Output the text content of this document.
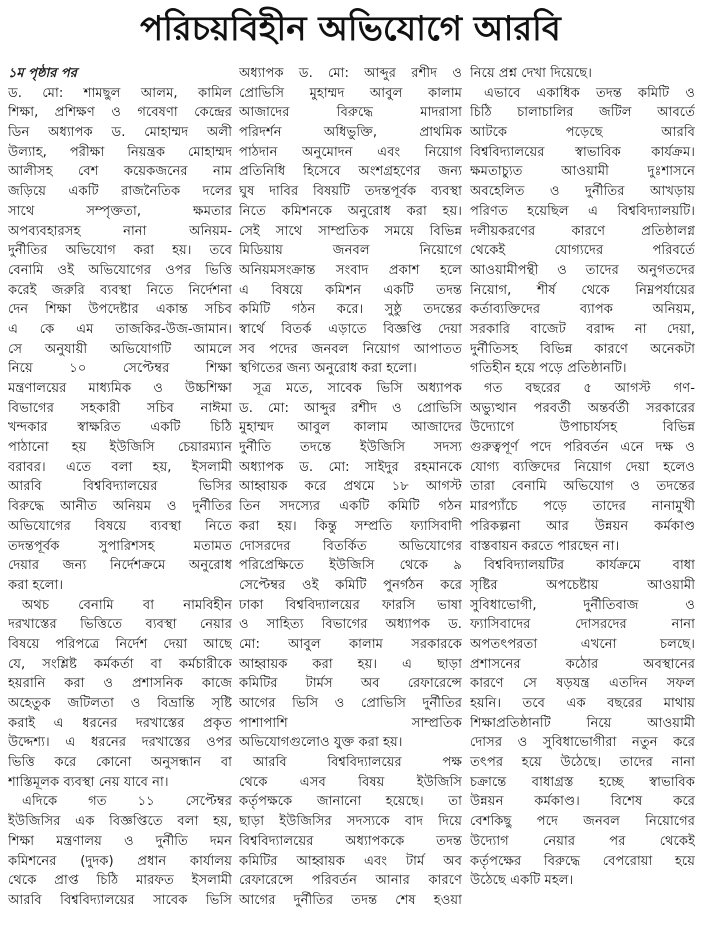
পরিচয়বিহীন অভিযোগে আরবি
১ম পৃষ্ঠার পর
ড. মো: শামছুল আলম, কামিল
শিক্ষা, প্রশিক্ষণ ও গবেষণা কেন্দ্রের
ডিন অধ্যাপক ড. মোহাম্মদ অলী
উল্যাহ, পরীক্ষা নিয়ন্ত্রক মোহাম্মদ
আলীসহ বেশ কয়েকজনের নাম
জড়িয়ে একটি রাজনৈতিক দলের
সাথে সম্পৃক্ততা, ক্ষমতার
অপব্যবহারসহ নানা অনিয়ম-
দুর্নীতির অভিযোগ করা হয়। তবে
বেনামি ওই অভিযোগের ওপর ভিত্তি
করেই জরুরি ব্যবস্থা নিতে নির্দেশনা
দেন শিক্ষা উপদেষ্টার একান্ত সচিব
এ কে এম তাজকির-উজ-জামান।
সে অনুযায়ী অভিযোগটি আমলে
নিয়ে ১০ সেপ্টেম্বর শিক্ষা
মন্ত্রণালয়ের মাধ্যমিক ও উচ্চশিক্ষা
বিভাগের সহকারী সচিব নাঈমা
খন্দকার স্বাক্ষরিত একটি চিঠি
পাঠানো হয় ইউজিসি চেয়ারম্যান
বরাবর। এতে বলা হয়, ইসলামী
আরবি বিশ্ববিদ্যালয়ের ভিসির
বিরুদ্ধে আনীত অনিয়ম ও দুর্নীতির
অভিযোগের বিষয়ে ব্যবস্থা নিতে
তদন্তপূর্বক সুপারিশসহ মতামত
দেয়ার জন্য নির্দেশক্রমে অনুরোধ
করা হলো।
অথচ বেনামি বা নামবিহীন
দরখাস্তের ভিত্তিতে ব্যবস্থা নেয়ার
বিষয়ে পরিপত্রে নির্দেশ দেয়া আছে
যে, সংশ্লিষ্ট কর্মকর্তা বা কর্মচারীকে
হয়রানি করা ও প্রশাসনিক কাজে
অহেতুক জটিলতা ও বিভ্রান্তি সৃষ্টি
করাই এ ধরনের দরখাস্তের প্রকৃত
উদ্দেশ্য। এ ধরনের দরখাস্তের ওপর
ভিত্তি করে কোনো অনুসন্ধান বা
শাস্তিমূলক ব্যবস্থা নেয় যাবে না।
এদিকে গত ১১ সেপ্টেম্বর
ইউজিসির এক বিজ্ঞপ্তিতে বলা হয়,
শিক্ষা মন্ত্রণালয় ও দুর্নীতি দমন
কমিশনের (দুদক) প্রধান কার্যালয়
থেকে প্রাপ্ত চিঠি মারফত ইসলামী
আরবি বিশ্ববিদ্যালয়ের সাবেক ভিসি
অধ্যাপক ড. মো: আব্দুর রশীদ ও
প্রোভিসি মুহাম্মদ আবুল কালাম
আজাদের বিরুদ্ধে মাদরাসা
পরিদর্শন অধিভুক্তি, প্রাথমিক
পাঠদান অনুমোদন এবং নিয়োগ
প্রতিনিধি হিসেবে অংশগ্রহণের জন্য
ঘুষ দাবির বিষয়টি তদন্তপূর্বক ব্যবস্থা
নিতে কমিশনকে অনুরোধ করা হয়।
সেই সাথে সাম্প্রতিক সময়ে বিভিন্ন
মিডিয়ায় জনবল নিয়োগে
অনিয়মসংক্রান্ত সংবাদ প্রকাশ হলে
এ বিষয়ে কমিশন একটি তদন্ত
কমিটি গঠন করে। সুষ্ঠু তদন্তের
স্বার্থে বিতর্ক এড়াতে বিজ্ঞপ্তি দেয়া
সব পদের জনবল নিয়োগ আপাতত
স্থগিতের জন্য অনুরোধ করা হলো।
সূত্র মতে, সাবেক ভিসি অধ্যাপক
ড. মো: আব্দুর রশীদ ও প্রোভিসি
মুহাম্মদ আবুল কালাম আজাদের
দুর্নীতি তদন্তে ইউজিসি সদস্য
অধ্যাপক ড. মো: সাইদুর রহমানকে
আহ্বায়ক করে প্রথমে ১৮ আগস্ট
তিন সদস্যের একটি কমিটি গঠন
করা হয়। কিন্তু সম্প্রতি ফ্যাসিবাদী
দোসরদের বিতর্কিত অভিযোগের
পরিপ্রেক্ষিতে ইউজিসি থেকে ৯
সেপ্টেম্বর ওই কমিটি পুনর্গঠন করে
ঢাকা বিশ্ববিদ্যালয়ের ফারসি ভাষা
ও সাহিত্য বিভাগের অধ্যাপক ড.
মো: আবুল কালাম সরকারকে
আহ্বায়ক করা হয়। এ ছাড়া
কমিটির টার্মস অব রেফারেন্সে
আগের ভিসি ও প্রোভিসি দুর্নীতির
পাশাপাশি সাম্প্রতিক
অভিযোগগুলোও যুক্ত করা হয়।
আরবি বিশ্ববিদ্যালয়ের পক্ষ
থেকে এসব বিষয় ইউজিসি
কর্তৃপক্ষকে জানানো হয়েছে। তা
ছাড়া ইউজিসির সদস্যকে বাদ দিয়ে
বিশ্ববিদ্যালয়ের অধ্যাপককে তদন্ত
কমিটির আহ্বায়ক এবং টার্ম অব
রেফারেন্সে পরিবর্তন আনার কারণে
আগের দুর্নীতির তদন্ত শেষ হওয়া
নিয়ে প্রশ্ন দেখা দিয়েছে।
এভাবে একাধিক তদন্ত কমিটি ও
চিঠি চালাচালির জটিল আবর্তে
আটকে পড়েছে আরবি
বিশ্ববিদ্যালয়ের স্বাভাবিক কার্যক্রম।
ক্ষমতাচ্যুত আওয়ামী দুঃশাসনে
অবহেলিত ও দুর্নীতির আখড়ায়
পরিণত হয়েছিল এ বিশ্ববিদ্যালয়টি।
দলীয়করণের কারণে প্রতিষ্ঠালগ্ন
থেকেই যোগ্যদের পরিবর্তে
আওয়ামীপন্থী ও তাদের অনুগতদের
নিয়োগ, শীর্ষ থেকে নিম্নপর্যায়ের
কর্তাব্যক্তিদের ব্যাপক অনিয়ম,
সরকারি বাজেট বরাদ্দ না দেয়া,
দুর্নীতিসহ বিভিন্ন কারণে অনেকটা
গতিহীন হয়ে পড়ে প্রতিষ্ঠানটি।
গত বছরের ৫ আগস্ট গণ-
অভ্যুত্থান পরবর্তী অন্তর্বর্তী সরকারের
উদ্যোগে উপাচার্যসহ বিভিন্ন
গুরুত্বপূর্ণ পদে পরিবর্তন এনে দক্ষ ও
যোগ্য ব্যক্তিদের নিয়োগ দেয়া হলেও
তারা বেনামি অভিযোগ ও তদন্তের
মারপ্যাঁচে পড়ে তাদের নানামুখী
পরিকল্পনা আর উন্নয়ন কর্মকাণ্ড
বাস্তবায়ন করতে পারছেন না।
বিশ্ববিদ্যালয়টির কার্যক্রমে বাধা
সৃষ্টির অপচেষ্টায় আওয়ামী
সুবিধাভোগী, দুর্নীতিবাজ ও
ফ্যাসিবাদের দোসরদের নানা
অপতৎপরতা এখনো চলছে।
প্রশাসনের কঠোর অবস্থানের
কারণে সে ষড়যন্ত্র এতদিন সফল
হয়নি। তবে এক বছরের মাথায়
শিক্ষাপ্রতিষ্ঠানটি নিয়ে আওয়ামী
দোসর ও সুবিধাভোগীরা নতুন করে
তৎপর হয়ে উঠেছে। তাদের নানা
চক্রান্তে বাধাগ্রস্ত হচ্ছে স্বাভাবিক
উন্নয়ন কর্মকাণ্ড। বিশেষ করে
বেশকিছু পদে জনবল নিয়োগের
উদ্যোগ নেয়ার পর থেকেই
কর্তৃপক্ষের বিরুদ্ধে বেপরোয়া হয়ে
উঠেছে একটি মহল।
